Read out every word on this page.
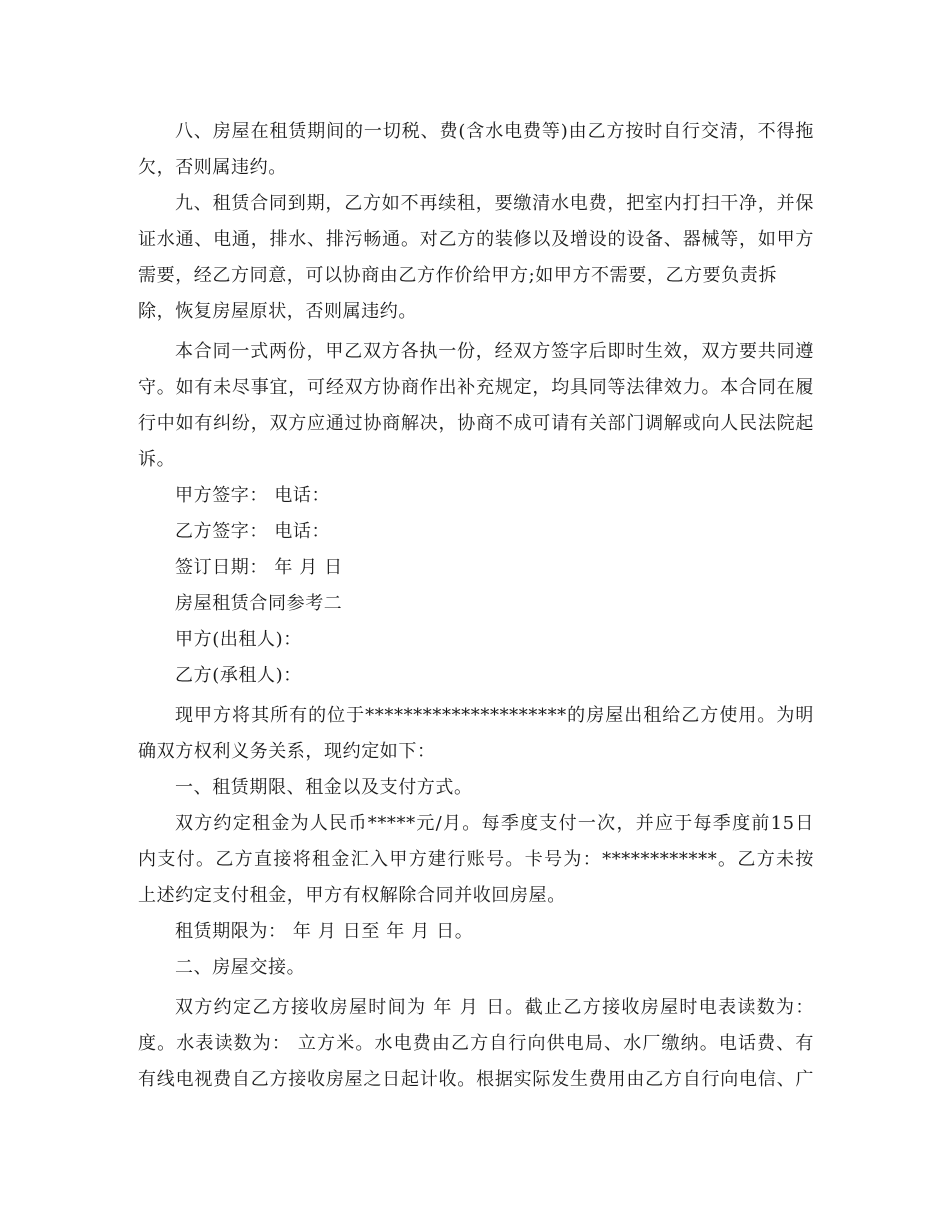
八、房屋在租赁期间的一切税、费(含水电费等)由乙方按时自行交清，不得拖
欠，否则属违约。
九、租赁合同到期，乙方如不再续租，要缴清水电费，把室内打扫干净，并保
证水通、电通，排水、排污畅通。对乙方的装修以及增设的设备、器械等，如甲方
需要，经乙方同意，可以协商由乙方作价给甲方;如甲方不需要，乙方要负责拆
除，恢复房屋原状，否则属违约。
本合同一式两份，甲乙双方各执一份，经双方签字后即时生效，双方要共同遵
守。如有未尽事宜，可经双方协商作出补充规定，均具同等法律效力。本合同在履
行中如有纠纷，双方应通过协商解决，协商不成可请有关部门调解或向人民法院起
诉。
甲方签字： 电话：
乙方签字： 电话：
签订日期： 年 月 日
房屋租赁合同参考二
甲方(出租人)：
乙方(承租人)：
现甲方将其所有的位于*********************的房屋出租给乙方使用。为明
确双方权利义务关系，现约定如下：
一、租赁期限、租金以及支付方式。
双方约定租金为人民币*****元/月。每季度支付一次，并应于每季度前15日
内支付。乙方直接将租金汇入甲方建行账号。卡号为：************。乙方未按
上述约定支付租金，甲方有权解除合同并收回房屋。
租赁期限为： 年 月 日至 年 月 日。
二、房屋交接。
双方约定乙方接收房屋时间为 年 月 日。截止乙方接收房屋时电表读数为：
度。水表读数为： 立方米。水电费由乙方自行向供电局、水厂缴纳。电话费、有
有线电视费自乙方接收房屋之日起计收。根据实际发生费用由乙方自行向电信、广
